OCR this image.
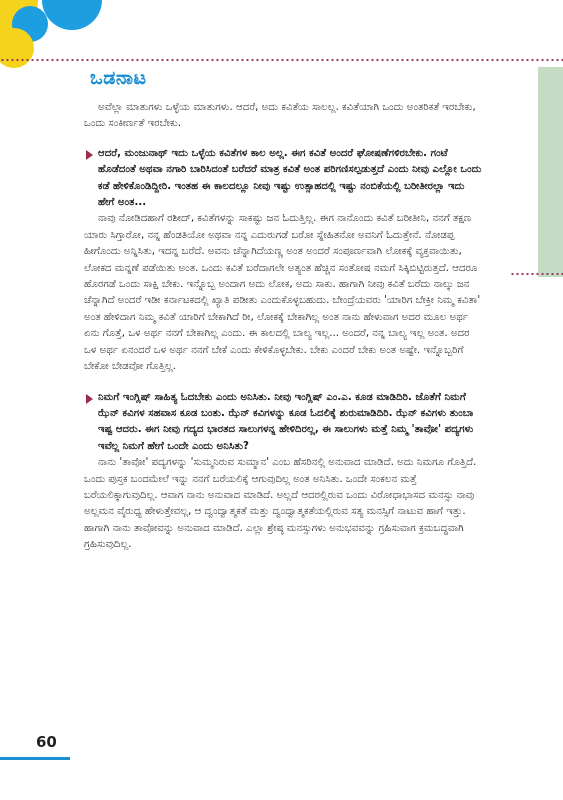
ಒಡನಾಟ

ಅವೆಲ್ಲಾ ಮಾತುಗಳು ಒಳ್ಳೆಯ ಮಾತುಗಳು. ಆದರೆ, ಅದು ಕವಿತೆಯ ಸಾಲಲ್ಲ. ಕವಿತೆಯಾಗಿ ಒಂದು ಅಂತರಿಕತೆ ಇರಬೇಕು, ಒಂದು ಸಂಕೀರ್ಣತೆ ಇರಬೇಕು.

ಆದರೆ, ಮಂಜುನಾಥ್ ಇದು ಒಳ್ಳೆಯ ಕವಿತೆಗಳ ಕಾಲ ಅಲ್ಲ. ಈಗ ಕವಿತೆ ಅಂದರೆ ಘೋಷಣೆಗಳಿರಬೇಕು. ಗಂಟೆ ಹೊಡೆದಂತೆ ಅಥವಾ ನಗಾರಿ ಬಾರಿಸಿದಂತೆ ಬರೆದರೆ ಮಾತ್ರ ಕವಿತೆ ಅಂತ ಪರಿಗಣಿಸಲ್ಪಡುತ್ತದೆ ಎಂದು ನೀವು ಎಲ್ಲೋ ಒಂದು ಕಡೆ ಹೇಳಿಕೊಂಡಿದ್ದೀರಿ. ಇಂತಹ ಈ ಕಾಲದಲ್ಲೂ ನೀವು ಇಷ್ಟು ಉತ್ಸಾಹದಲ್ಲಿ ಇಷ್ಟು ನಂಬಿಕೆಯಲ್ಲಿ ಬರೀತೀರಲ್ಲಾ ಇದು ಹೇಗೆ ಅಂತ...

ನಾವು ನೋಡಿದಹಾಗೆ ರಶೀದ್, ಕವಿತೆಗಳನ್ನು ಸಾಕಷ್ಟು ಜನ ಓದುತ್ತಿಲ್ಲ. ಈಗ ನಾನೊಂದು ಕವಿತೆ ಬರೀತೀನಿ, ನನಗೆ ತಕ್ಷಣ ಯಾರು ಸಿಗ್ತಾರೋ, ನನ್ನ ಹೆಂಡತಿಯೋ ಅಥವಾ ನನ್ನ ಎದುರುಗಡೆ ಬರೋ ಸ್ನೇಹಿತನೋ ಅವನಿಗೆ ಓದುತ್ತೇನೆ. ನೋಡಪ್ಪ ಹೀಗೊಂದು ಅನ್ನಿಸಿತು, ಇದನ್ನ ಬರೆದೆ. ಅವನು ಚೆನ್ನಾಗಿದೆಯಣ್ಣ ಅಂತ ಅಂದರೆ ಸಂಪೂರ್ಣವಾಗಿ ಲೋಕಕ್ಕೆ ವ್ಯಕ್ತವಾಯಿತು, ಲೋಕದ ಮನ್ನಣೆ ಪಡೆಯಿತು ಅಂತ. ಒಂದು ಕವಿತೆ ಬರೆದಾಗಲೇ ಅತ್ಯಂತ ಹೆಚ್ಚಿನ ಸಂತೋಷ ನಮಗೆ ಸಿಕ್ಕಿಬಿಟ್ಟಿರುತ್ತದೆ. ಆದರೂ ಹೊರಗಡೆ ಒಂದು ಸಾಕ್ಷಿ ಬೇಕು. ಇನ್ನೊಬ್ಬ ಅಂದಾಗ ಅದು ಲೋಕ, ಅದು ಸಾಕು. ಹಾಗಾಗಿ ನೀವು ಕವಿತೆ ಬರೆದು ನಾಲ್ಕು ಜನ ಚೆನ್ನಾಗಿದೆ ಅಂದರೆ ಇಡೀ ಕರ್ನಾಟಕದಲ್ಲಿ ಖ್ಯಾತಿ ಪಡೀತು ಎಂದುಕೊಳ್ಳಬಹುದು. ಬೇಂದ್ರೆಯವರು 'ಯಾರಿಗ ಬೇಕ್ರೀ ನಿಮ್ಮ ಕವಿತಾ' ಅಂತ ಹೇಳಿದಾಗ ನಿಮ್ಮ ಕವಿತೆ ಯಾರಿಗೆ ಬೇಕಾಗಿದೆ ರೀ, ಲೋಕಕ್ಕೆ ಬೇಕಾಗಿಲ್ಲ ಅಂತ ನಾನು ಹೇಳುವಾಗ ಅದರ ಮೂಲ ಅರ್ಥ ಏನು ಗೊತ್ತೆ, ಒಳ ಅರ್ಥ ನನಗೆ ಬೇಕಾಗಿಲ್ಲ ಎಂದು. ಈ ಕಾಲದಲ್ಲಿ ಬಾಲ್ಯ ಇಲ್ಲ... ಅಂದರೆ, ನನ್ನ ಬಾಲ್ಯ ಇಲ್ಲ ಅಂತ. ಅದರ ಒಳ ಅರ್ಥ ಏನಂದರೆ ಒಳ ಅರ್ಥ ನನಗೆ ಬೇಕೆ ಎಂದು ಕೇಳಿಕೊಳ್ಳಬೇಕು. ಬೇಕು ಎಂದರೆ ಬೇಕು ಅಂತ ಅಷ್ಟೇ. ಇನ್ನೊಬ್ಬರಿಗೆ ಬೇಕೋ ಬೇಡವೋ ಗೊತ್ತಿಲ್ಲ.

ನಿಮಗೆ ಇಂಗ್ಲಿಷ್ ಸಾಹಿತ್ಯ ಓದಬೇಕು ಎಂದು ಅನಿಸಿತು. ನೀವು ಇಂಗ್ಲಿಷ್ ಎಂ.ಎ. ಕೂಡ ಮಾಡಿದಿರಿ. ಜೊತೆಗೆ ನಿಮಗೆ ಝೆನ್ ಕವಿಗಳ ಸಹವಾಸ ಕೂಡ ಬಂತು. ಝೆನ್ ಕವಿಗಳನ್ನು ಕೂಡ ಓದಲಿಕ್ಕೆ ಶುರುಮಾಡಿದಿರಿ. ಝೆನ್ ಕವಿಗಳು ತುಂಬಾ ಇಷ್ಟ ಆದರು. ಈಗ ನೀವು ಗದ್ಯದ ಭಾರತದ ಸಾಲುಗಳನ್ನ ಹೇಳಿದಿರಲ್ಲ, ಈ ಸಾಲುಗಳು ಮತ್ತೆ ನಿಮ್ಮ 'ತಾವೋ' ಪದ್ಯಗಳು ಇವೆಲ್ಲ ನಿಮಗೆ ಹೇಗೆ ಒಂದೇ ಎಂದು ಅನಿಸಿತು?

ನಾನು 'ತಾವೋ' ಪದ್ಯಗಳನ್ನು 'ಸುಮ್ಮನಿರುವ ಸುಮ್ಮಾನ' ಎಂಬ ಹೆಸರಿನಲ್ಲಿ ಅನುವಾದ ಮಾಡಿದೆ. ಅದು ನಿಮಗೂ ಗೊತ್ತಿದೆ. ಒಂದು ಪುಸ್ತಕ ಬಂದಮೇಲೆ ಇನ್ನು ನನಗೆ ಬರೆಯಲಿಕ್ಕೆ ಆಗುವುದಿಲ್ಲ ಅಂತ ಅನಿಸಿತು. ಒಂದೇ ಸಂಕಲನ ಮತ್ತೆ ಬರೆಯಲಿಕ್ಕಾಗುವುದಿಲ್ಲ. ಆವಾಗ ನಾನು ಅನುವಾದ ಮಾಡಿದೆ. ಅಲ್ಲದೆ ಆದರಲ್ಲಿರುವ ಒಂದು ವಿರೋಧಾಭಾಸದ ಮನಸ್ಸು ನಾವು ಅಲ್ಲಮನ ವೈರುಧ್ಯ ಹೇಳುತ್ತೇವಲ್ಲ, ಆ ದ್ವಂದ್ವಾತ್ಮಕತೆ ಮತ್ತು ದ್ವಂದ್ವಾತ್ಮಕತೆಯಲ್ಲಿರುವ ಸತ್ಯ ಮನಸ್ಸಿಗೆ ನಾಟುವ ಹಾಗೆ ಇತ್ತು. ಹಾಗಾಗಿ ನಾನು ತಾವೋವನ್ನು ಅನುವಾದ ಮಾಡಿದೆ. ಎಲ್ಲಾ ಶ್ರೇಷ್ಠ ಮನಸ್ಸುಗಳು ಅನುಭವವನ್ನು ಗ್ರಹಿಸುವಾಗ ಕ್ರಮಬದ್ಧವಾಗಿ ಗ್ರಹಿಸುವುದಿಲ್ಲ.

60
